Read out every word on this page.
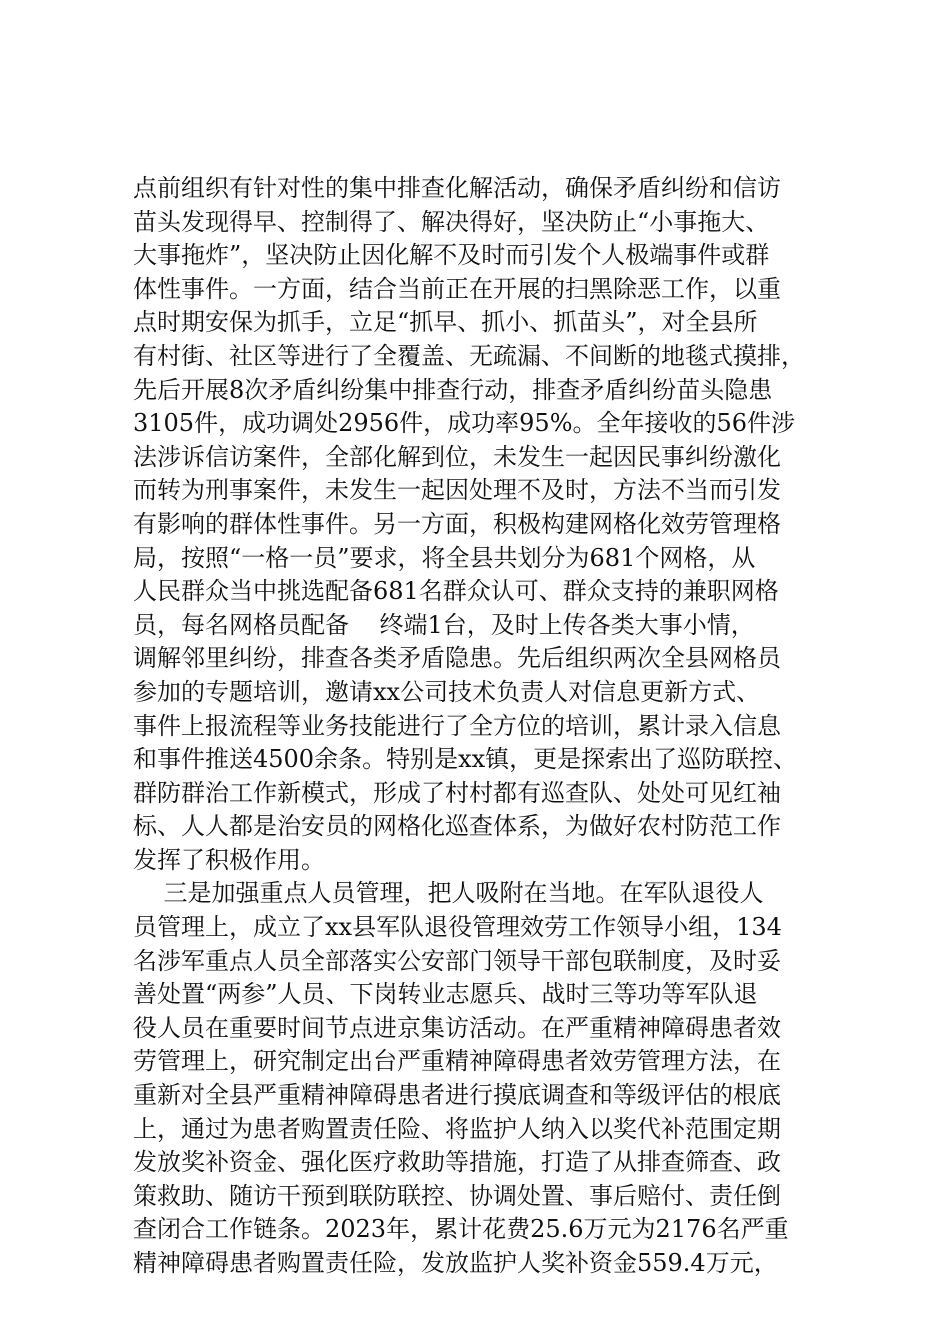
点前组织有针对性的集中排查化解活动，确保矛盾纠纷和信访
苗头发现得早、控制得了、解决得好，坚决防止“小事拖大、
大事拖炸”，坚决防止因化解不及时而引发个人极端事件或群
体性事件。一方面，结合当前正在开展的扫黑除恶工作，以重
点时期安保为抓手，立足“抓早、抓小、抓苗头”，对全县所
有村街、社区等进行了全覆盖、无疏漏、不间断的地毯式摸排，
先后开展8次矛盾纠纷集中排查行动，排查矛盾纠纷苗头隐患
3105件，成功调处2956件，成功率95%。全年接收的56件涉
法涉诉信访案件，全部化解到位，未发生一起因民事纠纷激化
而转为刑事案件，未发生一起因处理不及时，方法不当而引发
有影响的群体性事件。另一方面，积极构建网格化效劳管理格
局，按照“一格一员”要求，将全县共划分为681个网格，从
人民群众当中挑选配备681名群众认可、群众支持的兼职网格
员，每名网格员配备    终端1台，及时上传各类大事小情，
调解邻里纠纷，排查各类矛盾隐患。先后组织两次全县网格员
参加的专题培训，邀请xx公司技术负责人对信息更新方式、
事件上报流程等业务技能进行了全方位的培训，累计录入信息
和事件推送4500余条。特别是xx镇，更是探索出了巡防联控、
群防群治工作新模式，形成了村村都有巡查队、处处可见红袖
标、人人都是治安员的网格化巡查体系，为做好农村防范工作
发挥了积极作用。
三是加强重点人员管理，把人吸附在当地。在军队退役人
员管理上，成立了xx县军队退役管理效劳工作领导小组，134
名涉军重点人员全部落实公安部门领导干部包联制度，及时妥
善处置“两参”人员、下岗转业志愿兵、战时三等功等军队退
役人员在重要时间节点进京集访活动。在严重精神障碍患者效
劳管理上，研究制定出台严重精神障碍患者效劳管理方法，在
重新对全县严重精神障碍患者进行摸底调查和等级评估的根底
上，通过为患者购置责任险、将监护人纳入以奖代补范围定期
发放奖补资金、强化医疗救助等措施，打造了从排查筛查、政
策救助、随访干预到联防联控、协调处置、事后赔付、责任倒
查闭合工作链条。2023年，累计花费25.6万元为2176名严重
精神障碍患者购置责任险，发放监护人奖补资金559.4万元，
